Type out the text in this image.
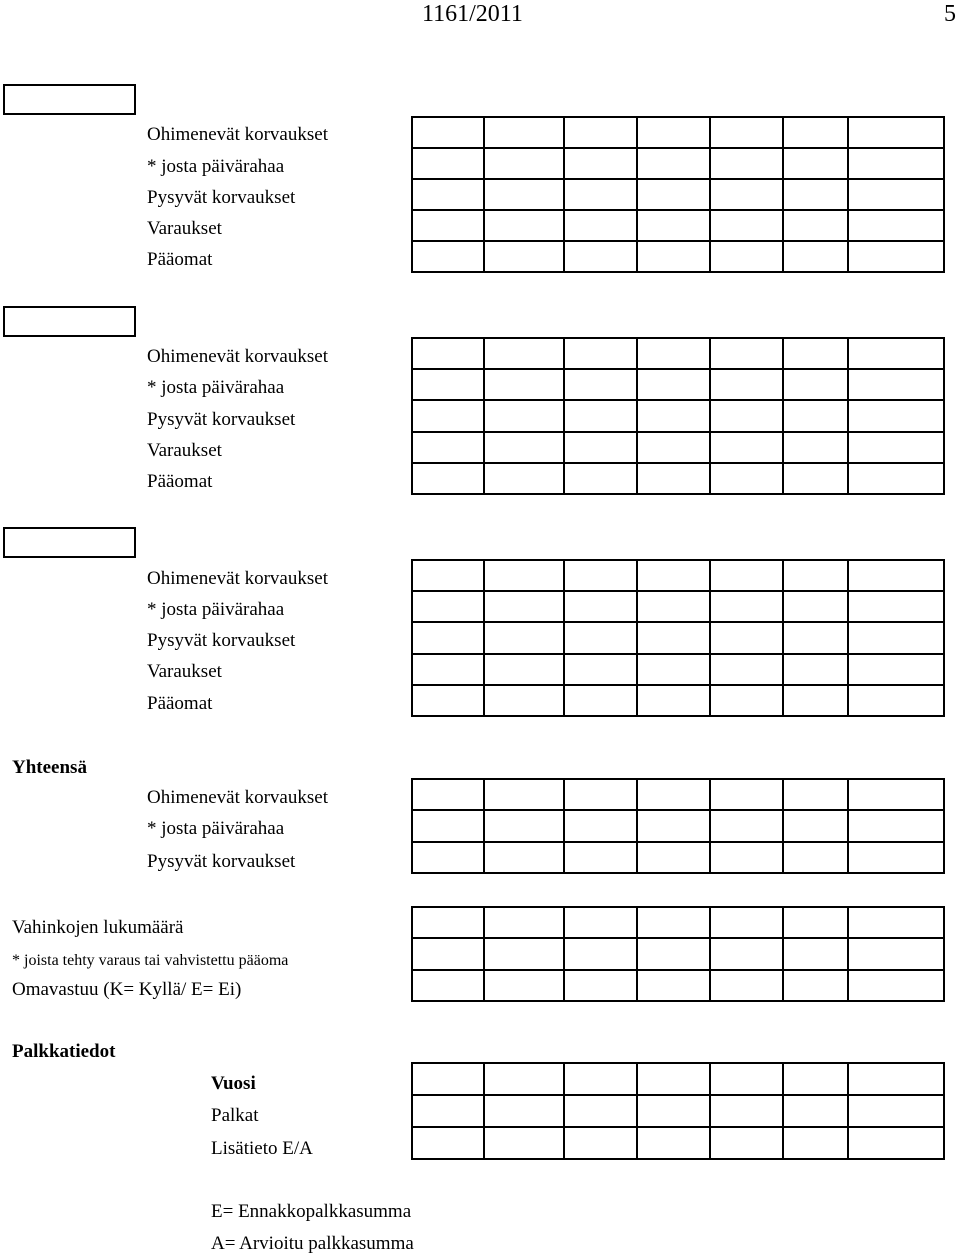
1161/2011	5
Ohimenevät korvaukset
* josta päivärahaa
Pysyvät korvaukset
Varaukset
Pääomat
Ohimenevät korvaukset
* josta päivärahaa
Pysyvät korvaukset
Varaukset
Pääomat
Ohimenevät korvaukset
* josta päivärahaa
Pysyvät korvaukset
Varaukset
Pääomat
Yhteensä
Ohimenevät korvaukset
* josta päivärahaa
Pysyvät korvaukset
Vahinkojen lukumäärä
* joista tehty varaus tai vahvistettu pääoma
Omavastuu (K= Kyllä/ E= Ei)
Palkkatiedot
Vuosi
Palkat
Lisätieto E/A
E= Ennakkopalkkasumma
A= Arvioitu palkkasumma
